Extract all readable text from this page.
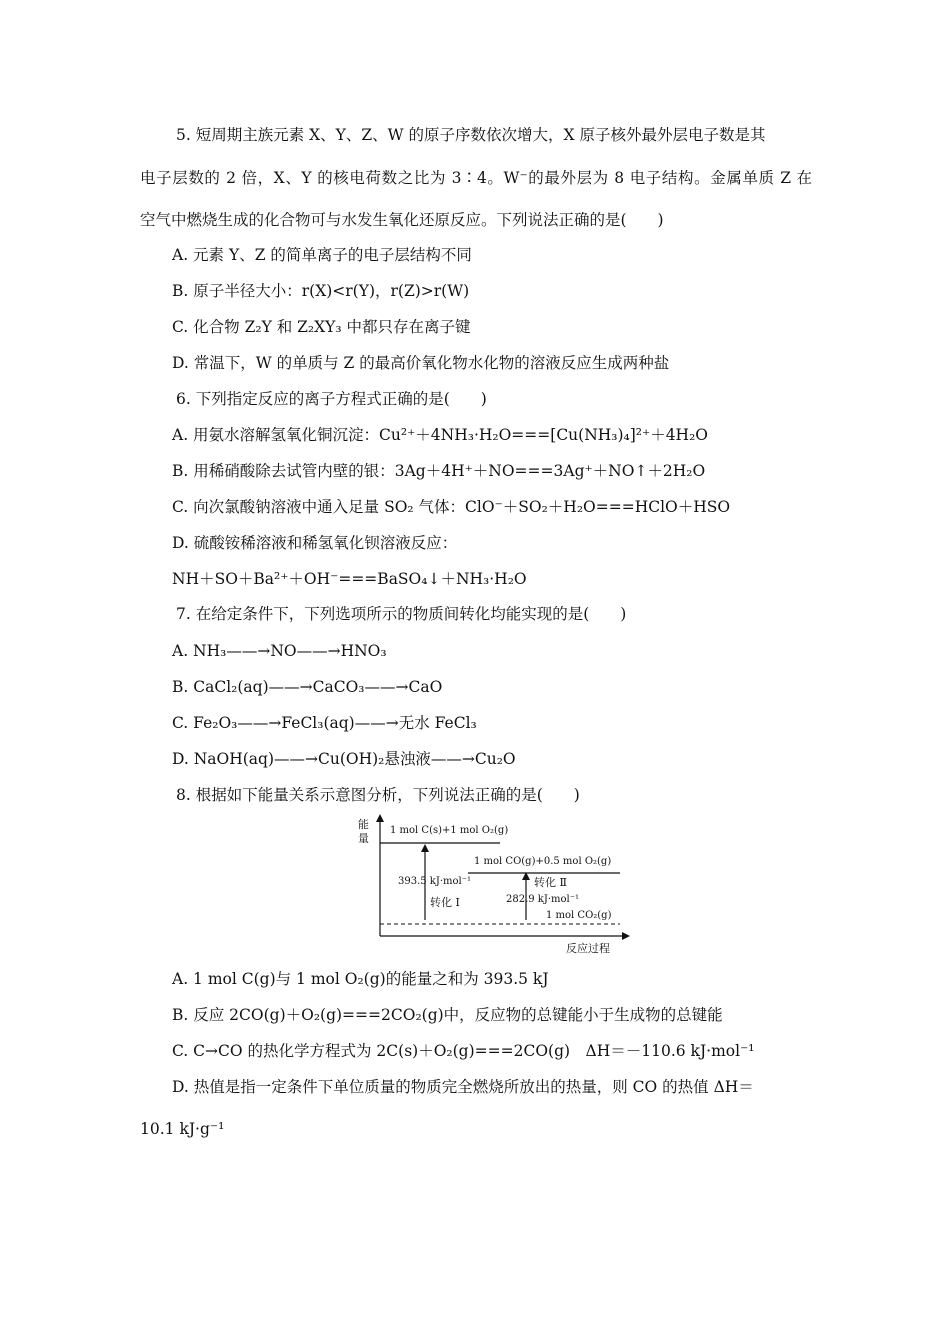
5. 短周期主族元素 X、Y、Z、W 的原子序数依次增大，X 原子核外最外层电子数是其
电子层数的 2 倍，X、Y 的核电荷数之比为 3∶4。W⁻的最外层为 8 电子结构。金属单质 Z 在
空气中燃烧生成的化合物可与水发生氧化还原反应。下列说法正确的是(　　)
A. 元素 Y、Z 的简单离子的电子层结构不同
B. 原子半径大小：r(X)<r(Y)，r(Z)>r(W)
C. 化合物 Z₂Y 和 Z₂XY₃ 中都只存在离子键
D. 常温下，W 的单质与 Z 的最高价氧化物水化物的溶液反应生成两种盐
6. 下列指定反应的离子方程式正确的是(　　)
A. 用氨水溶解氢氧化铜沉淀：Cu²⁺＋4NH₃·H₂O===[Cu(NH₃)₄]²⁺＋4H₂O
B. 用稀硝酸除去试管内壁的银：3Ag＋4H⁺＋NO===3Ag⁺＋NO↑＋2H₂O
C. 向次氯酸钠溶液中通入足量 SO₂ 气体：ClO⁻＋SO₂＋H₂O===HClO＋HSO
D. 硫酸铵稀溶液和稀氢氧化钡溶液反应：
NH＋SO＋Ba²⁺＋OH⁻===BaSO₄↓＋NH₃·H₂O
7. 在给定条件下，下列选项所示的物质间转化均能实现的是(　　)
A. NH₃——→NO——→HNO₃
B. CaCl₂(aq)——→CaCO₃——→CaO
C. Fe₂O₃——→FeCl₃(aq)——→无水 FeCl₃
D. NaOH(aq)——→Cu(OH)₂悬浊液——→Cu₂O
8. 根据如下能量关系示意图分析，下列说法正确的是(　　)
能 量
反应过程
1 mol C(s)+1 mol O₂(g)
1 mol CO(g)+0.5 mol O₂(g)
1 mol CO₂(g)
393.5 kJ·mol⁻¹
转化 Ⅰ
转化 Ⅱ
282.9 kJ·mol⁻¹
A. 1 mol C(g)与 1 mol O₂(g)的能量之和为 393.5 kJ
B. 反应 2CO(g)＋O₂(g)===2CO₂(g)中，反应物的总键能小于生成物的总键能
C. C→CO 的热化学方程式为 2C(s)＋O₂(g)===2CO(g)　ΔH＝－110.6 kJ·mol⁻¹
D. 热值是指一定条件下单位质量的物质完全燃烧所放出的热量，则 CO 的热值 ΔH＝
10.1 kJ·g⁻¹
